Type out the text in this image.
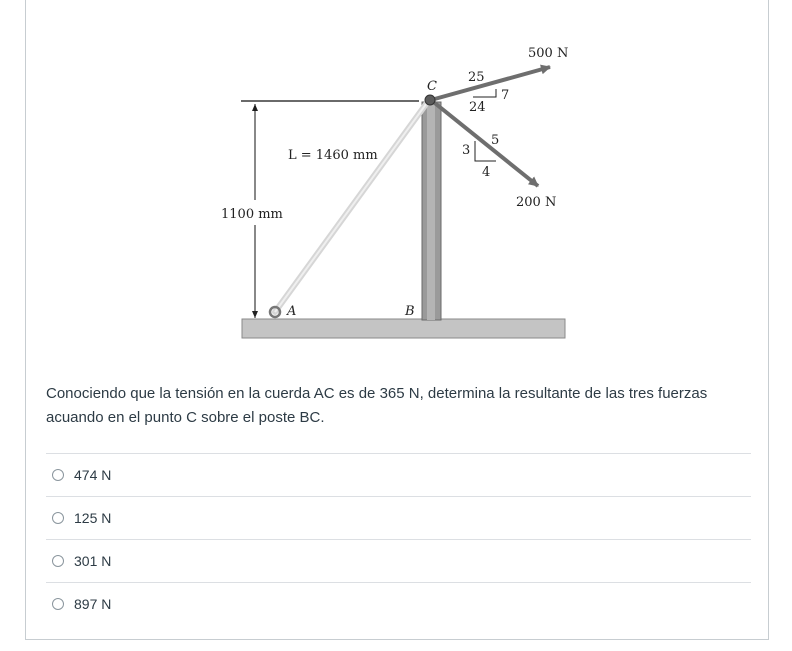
C
A	B
L = 1460 mm
1100 mm
500 N
200 N
25
24
7
5
4
3
Conociendo que la tensión en la cuerda AC es de 365 N, determina la resultante de las tres fuerzas acuando en el punto C sobre el poste BC.
474 N
125 N
301 N
897 N
